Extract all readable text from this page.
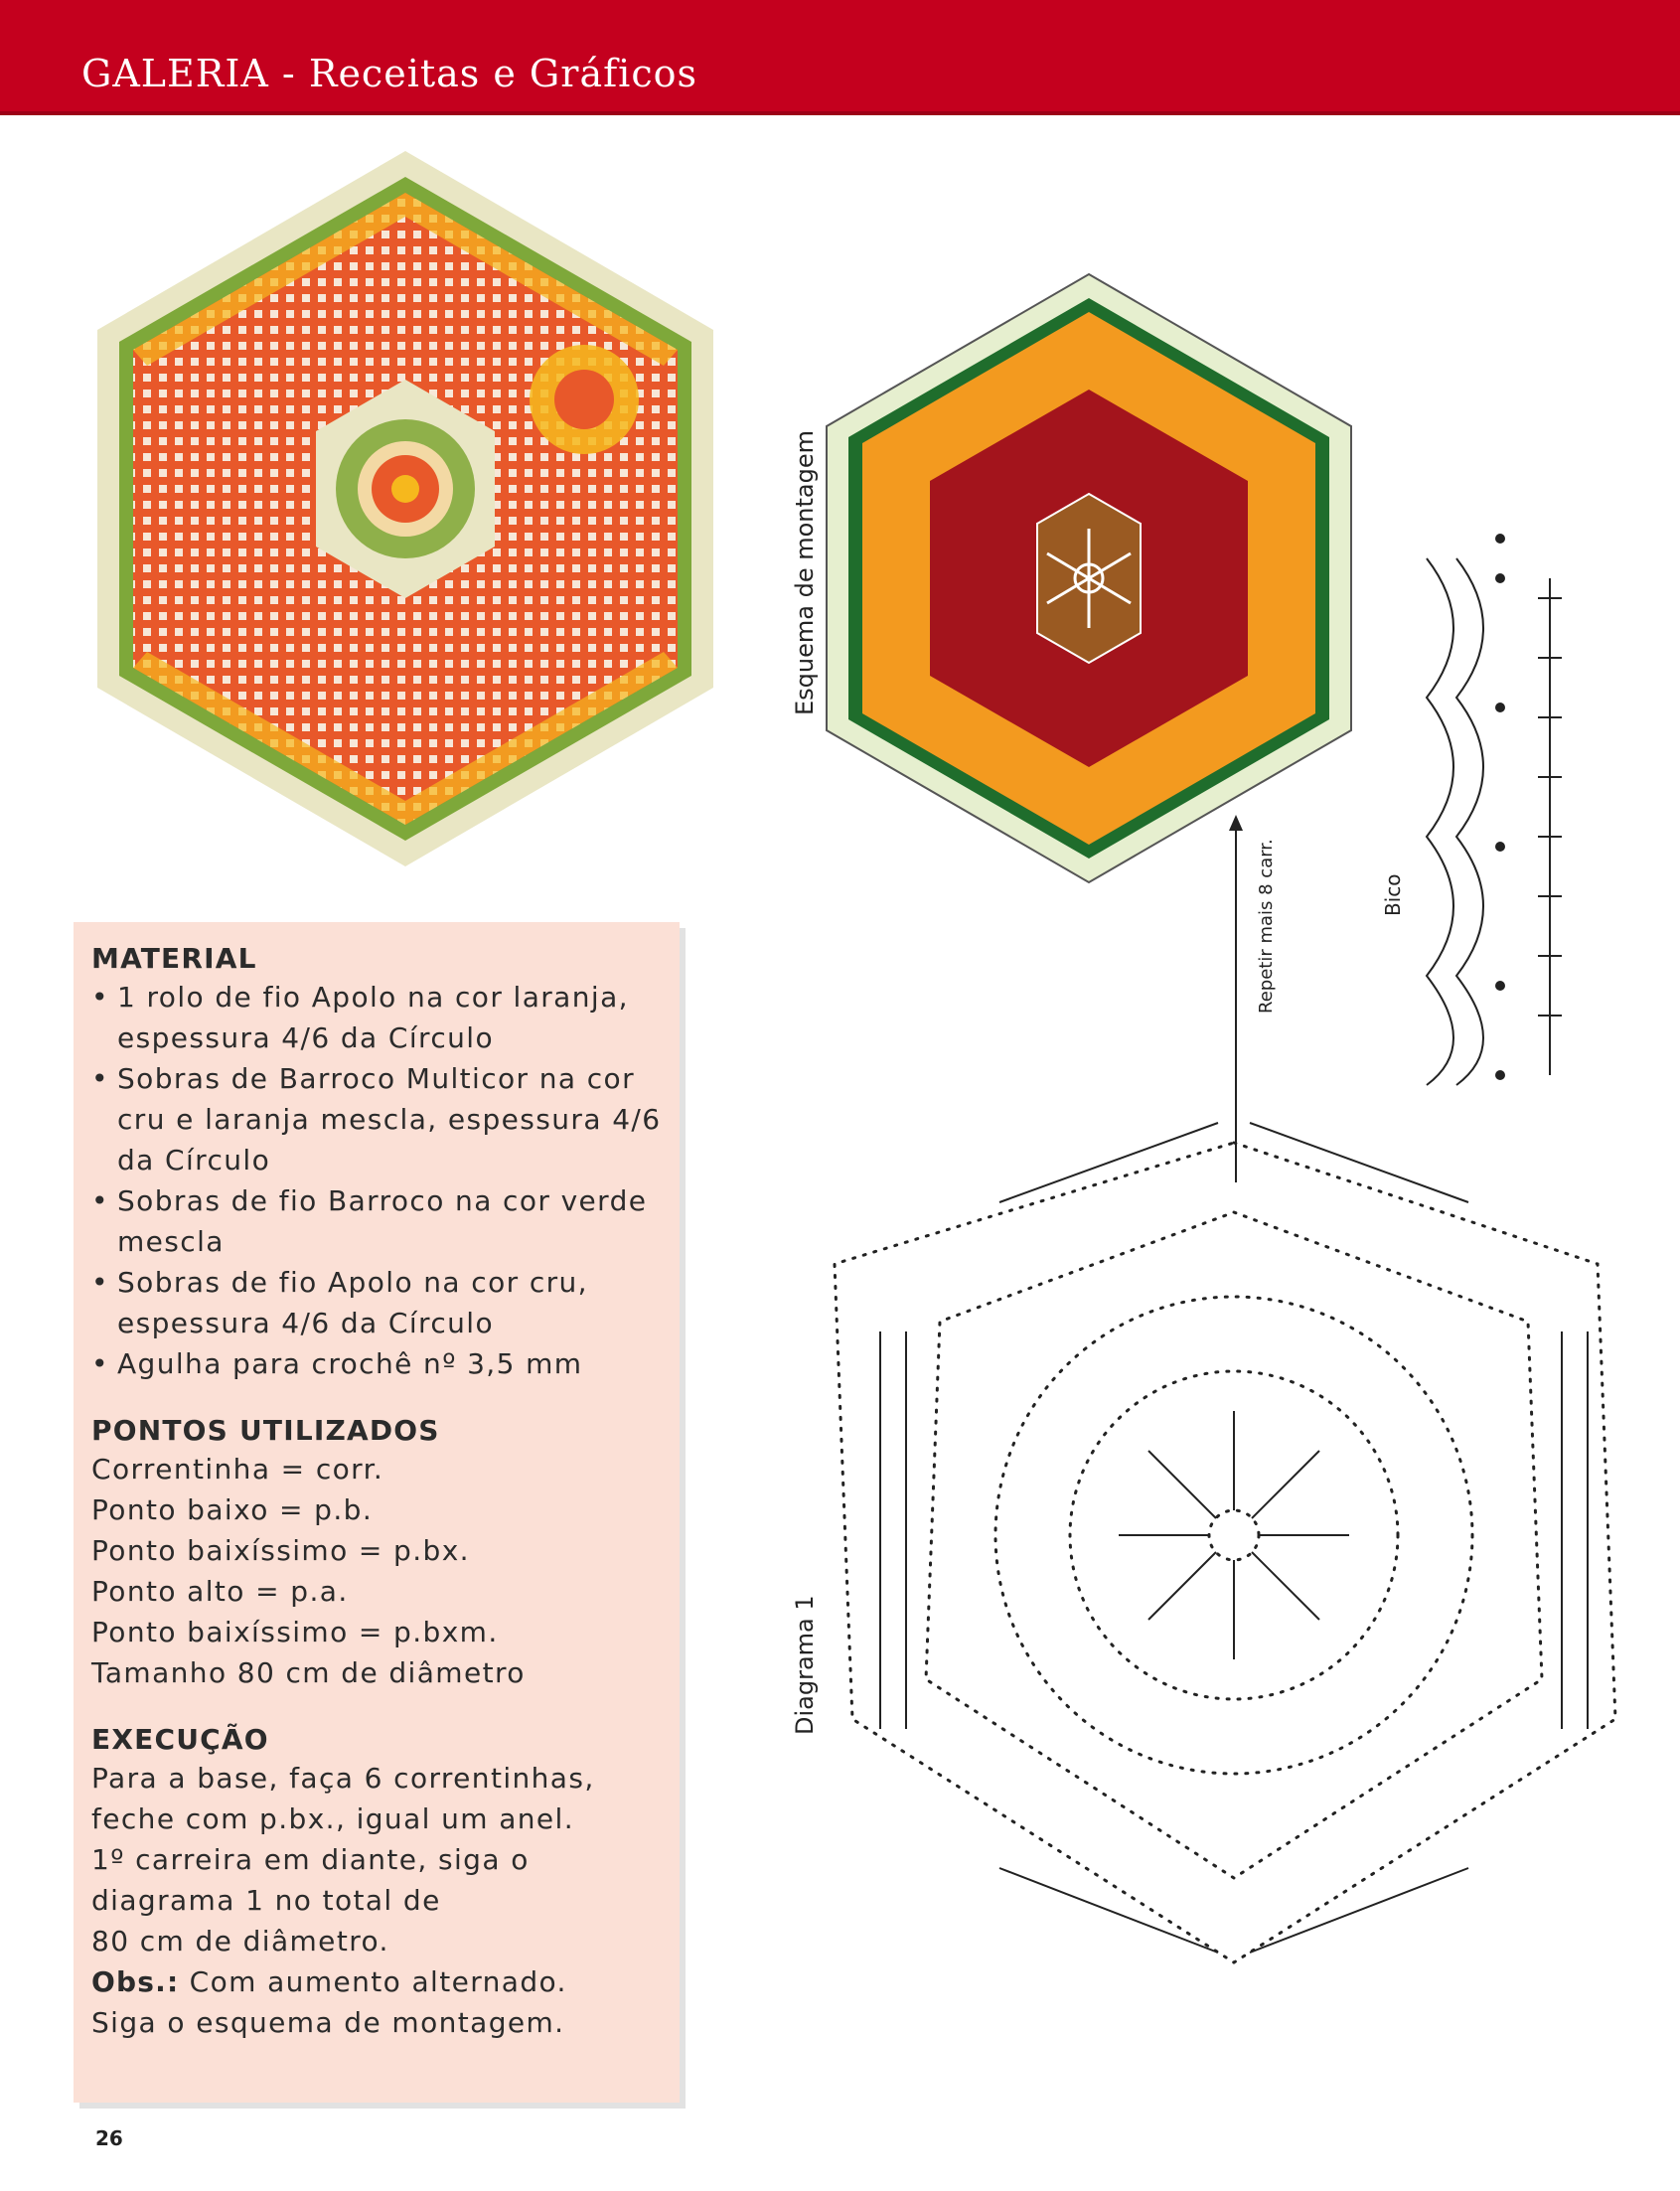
GALERIA - Receitas e Gráficos
Esquema de montagem
Repetir mais 8 carr.	Bico
Diagrama 1
MATERIAL
• 1 rolo de fio Apolo na cor laranja, espessura 4/6 da Círculo
• Sobras de Barroco Multicor na cor cru e laranja mescla, espessura 4/6 da Círculo
• Sobras de fio Barroco na cor verde mescla
• Sobras de fio Apolo na cor cru, espessura 4/6 da Círculo
• Agulha para crochê nº 3,5 mm
PONTOS UTILIZADOS
Correntinha = corr.
Ponto baixo = p.b.
Ponto baixíssimo = p.bx.
Ponto alto = p.a.
Ponto baixíssimo = p.bxm.
Tamanho 80 cm de diâmetro
EXECUÇÃO
Para a base, faça 6 correntinhas,
feche com p.bx., igual um anel.
1º carreira em diante, siga o
diagrama 1 no total de
80 cm de diâmetro.
Obs.: Com aumento alternado.
Siga o esquema de montagem.
26
